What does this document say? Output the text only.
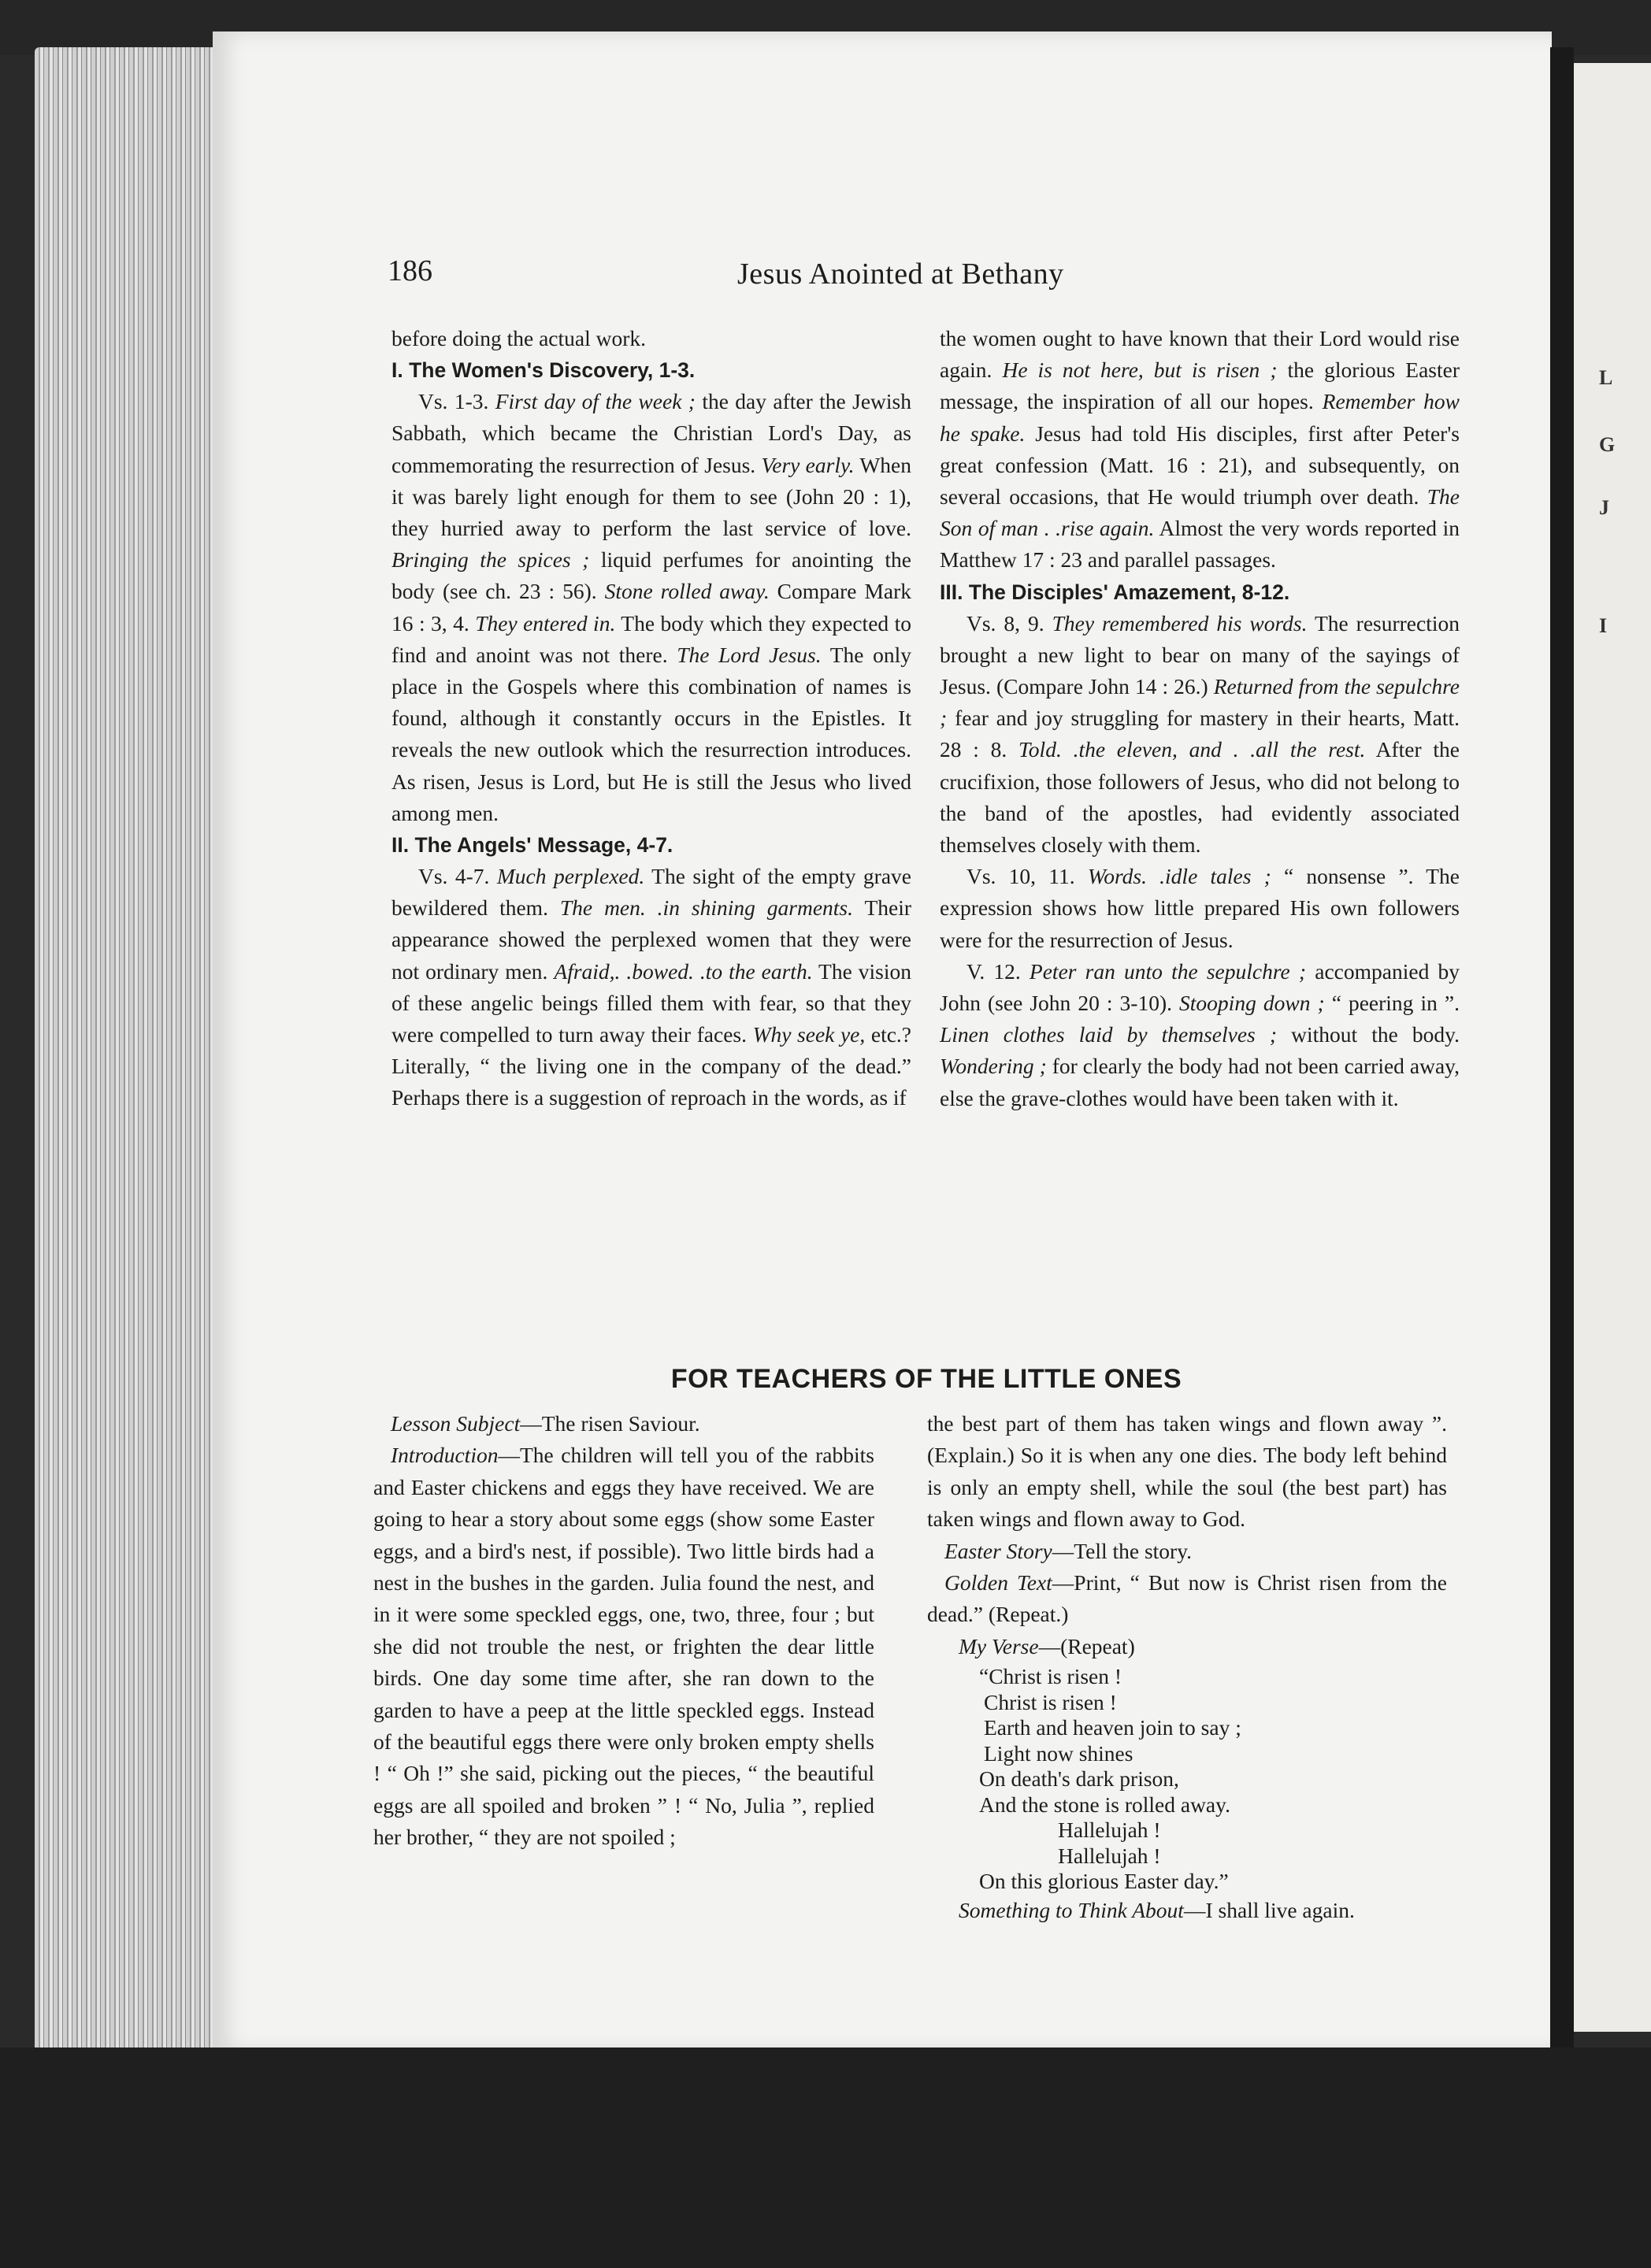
L
G
J
I
186	Jesus Anointed at Bethany

before doing the actual work.

I. The Women's Discovery, 1-3.

Vs. 1-3. First day of the week ; the day after the Jewish Sabbath, which became the Christian Lord's Day, as commemorating the resurrection of Jesus. Very early. When it was barely light enough for them to see (John 20 : 1), they hurried away to perform the last service of love. Bringing the spices ; liquid perfumes for anointing the body (see ch. 23 : 56). Stone rolled away. Compare Mark 16 : 3, 4. They entered in. The body which they expected to find and anoint was not there. The Lord Jesus. The only place in the Gospels where this combination of names is found, although it constantly occurs in the Epistles. It reveals the new outlook which the resurrection introduces. As risen, Jesus is Lord, but He is still the Jesus who lived among men.

II. The Angels' Message, 4-7.

Vs. 4-7. Much perplexed. The sight of the empty grave bewildered them. The men. .in shining garments. Their appearance showed the perplexed women that they were not ordinary men. Afraid,. .bowed. .to the earth. The vision of these angelic beings filled them with fear, so that they were compelled to turn away their faces. Why seek ye, etc.? Literally, “ the living one in the company of the dead.” Perhaps there is a suggestion of reproach in the words, as if

the women ought to have known that their Lord would rise again. He is not here, but is risen ; the glorious Easter message, the inspiration of all our hopes. Remember how he spake. Jesus had told His disciples, first after Peter's great confession (Matt. 16 : 21), and subsequently, on several occasions, that He would triumph over death. The Son of man . .rise again. Almost the very words reported in Matthew 17 : 23 and parallel passages.

III. The Disciples' Amazement, 8-12.

Vs. 8, 9. They remembered his words. The resurrection brought a new light to bear on many of the sayings of Jesus. (Compare John 14 : 26.) Returned from the sepulchre ; fear and joy struggling for mastery in their hearts, Matt. 28 : 8. Told. .the eleven, and . .all the rest. After the crucifixion, those followers of Jesus, who did not belong to the band of the apostles, had evidently associated themselves closely with them.

Vs. 10, 11. Words. .idle tales ; “ nonsense ”. The expression shows how little prepared His own followers were for the resurrection of Jesus.

V. 12. Peter ran unto the sepulchre ; accompanied by John (see John 20 : 3-10). Stooping down ; “ peering in ”. Linen clothes laid by themselves ; without the body. Wondering ; for clearly the body had not been carried away, else the grave-clothes would have been taken with it.

FOR TEACHERS OF THE LITTLE ONES

Lesson Subject—The risen Saviour.

Introduction—The children will tell you of the rabbits and Easter chickens and eggs they have received. We are going to hear a story about some eggs (show some Easter eggs, and a bird's nest, if possible). Two little birds had a nest in the bushes in the garden. Julia found the nest, and in it were some speckled eggs, one, two, three, four ; but she did not trouble the nest, or frighten the dear little birds. One day some time after, she ran down to the garden to have a peep at the little speckled eggs. Instead of the beautiful eggs there were only broken empty shells ! “ Oh !” she said, picking out the pieces, “ the beautiful eggs are all spoiled and broken ” ! “ No, Julia ”, replied her brother, “ they are not spoiled ;

the best part of them has taken wings and flown away ”. (Explain.) So it is when any one dies. The body left behind is only an empty shell, while the soul (the best part) has taken wings and flown away to God.

Easter Story—Tell the story.

Golden Text—Print, “ But now is Christ risen from the dead.” (Repeat.)

My Verse—(Repeat)

“Christ is risen !
Christ is risen !
Earth and heaven join to say ;
Light now shines
On death's dark prison,
And the stone is rolled away.
Hallelujah !
Hallelujah !
On this glorious Easter day.”

Something to Think About—I shall live again.
